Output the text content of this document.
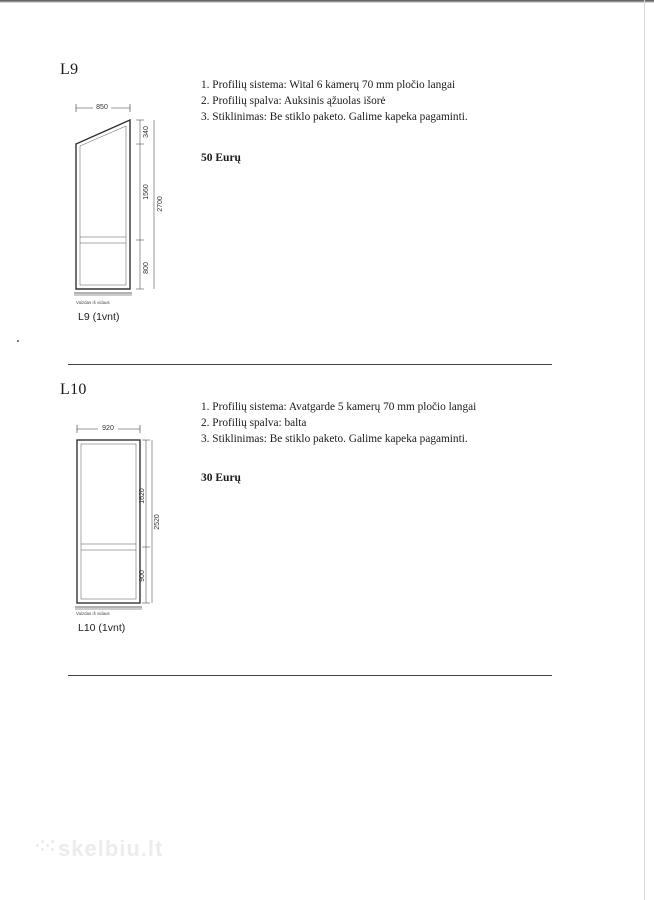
L9
1. Profilių sistema: Wital 6 kamerų 70 mm pločio langai
2. Profilių spalva: Auksinis ąžuolas išorė
3. Stiklinimas: Be stiklo paketo. Galime kapeka pagaminti.
50 Eurų
850
340
1560
800
2700
Vaizdas iš vidaus
L9 (1vnt)
L10
1. Profilių sistema: Avatgarde 5 kamerų 70 mm pločio langai
2. Profilių spalva: balta
3. Stiklinimas: Be stiklo paketo. Galime kapeka pagaminti.
30 Eurų
920
1620
900
2520
Vaizdas iš vidaus
L10 (1vnt)
skelbiu.lt
